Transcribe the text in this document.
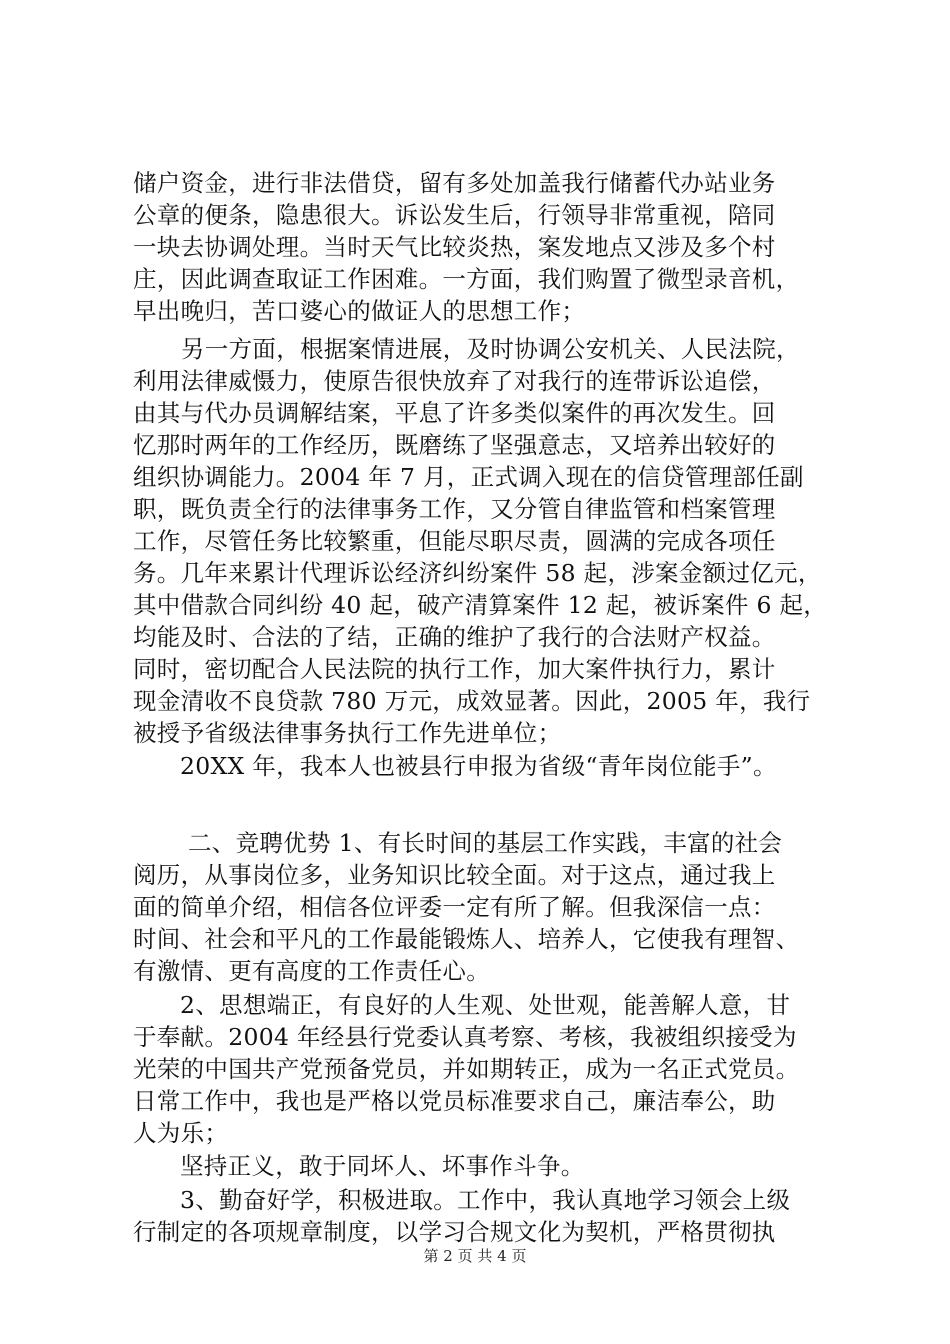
储户资金，进行非法借贷，留有多处加盖我行储蓄代办站业务
公章的便条，隐患很大。诉讼发生后，行领导非常重视，陪同
一块去协调处理。当时天气比较炎热，案发地点又涉及多个村
庄，因此调查取证工作困难。一方面，我们购置了微型录音机，
早出晚归，苦口婆心的做证人的思想工作；
另一方面，根据案情进展，及时协调公安机关、人民法院，
利用法律威慑力，使原告很快放弃了对我行的连带诉讼追偿，
由其与代办员调解结案，平息了许多类似案件的再次发生。回
忆那时两年的工作经历，既磨练了坚强意志，又培养出较好的
组织协调能力。2004 年 7 月，正式调入现在的信贷管理部任副
职，既负责全行的法律事务工作，又分管自律监管和档案管理
工作，尽管任务比较繁重，但能尽职尽责，圆满的完成各项任
务。几年来累计代理诉讼经济纠纷案件 58 起，涉案金额过亿元，
其中借款合同纠纷 40 起，破产清算案件 12 起，被诉案件 6 起，
均能及时、合法的了结，正确的维护了我行的合法财产权益。
同时，密切配合人民法院的执行工作，加大案件执行力，累计
现金清收不良贷款 780 万元，成效显著。因此，2005 年，我行
被授予省级法律事务执行工作先进单位；
20XX 年，我本人也被县行申报为省级“青年岗位能手”。
二、竞聘优势 1、有长时间的基层工作实践，丰富的社会
阅历，从事岗位多，业务知识比较全面。对于这点，通过我上
面的简单介绍，相信各位评委一定有所了解。但我深信一点：
时间、社会和平凡的工作最能锻炼人、培养人，它使我有理智、
有激情、更有高度的工作责任心。
2、思想端正，有良好的人生观、处世观，能善解人意，甘
于奉献。2004 年经县行党委认真考察、考核，我被组织接受为
光荣的中国共产党预备党员，并如期转正，成为一名正式党员。
日常工作中，我也是严格以党员标准要求自己，廉洁奉公，助
人为乐；
坚持正义，敢于同坏人、坏事作斗争。
3、勤奋好学，积极进取。工作中，我认真地学习领会上级
行制定的各项规章制度，以学习合规文化为契机，严格贯彻执
第 2 页 共 4 页
